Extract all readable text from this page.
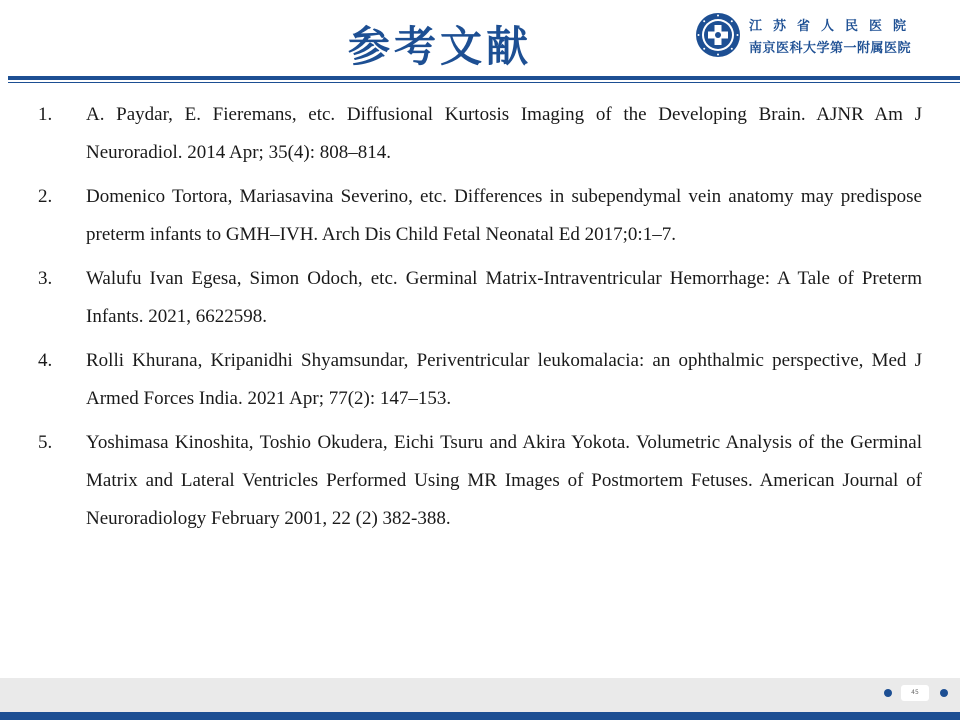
参考文献	江苏省人民医院
南京医科大学第一附属医院
1. A. Paydar, E. Fieremans, etc. Diffusional Kurtosis Imaging of the Developing Brain. AJNR Am J Neuroradiol. 2014 Apr; 35(4): 808–814.
2. Domenico Tortora, Mariasavina Severino, etc. Differences in subependymal vein anatomy may predispose preterm infants to GMH–IVH. Arch Dis Child Fetal Neonatal Ed 2017;0:1–7.
3. Walufu Ivan Egesa, Simon Odoch, etc. Germinal Matrix-Intraventricular Hemorrhage: A Tale of Preterm Infants. 2021, 6622598.
4. Rolli Khurana, Kripanidhi Shyamsundar, Periventricular leukomalacia: an ophthalmic perspective, Med J Armed Forces India. 2021 Apr; 77(2): 147–153.
5. Yoshimasa Kinoshita, Toshio Okudera, Eichi Tsuru and Akira Yokota. Volumetric Analysis of the Germinal Matrix and Lateral Ventricles Performed Using MR Images of Postmortem Fetuses. American Journal of Neuroradiology February 2001, 22 (2) 382-388.
45
